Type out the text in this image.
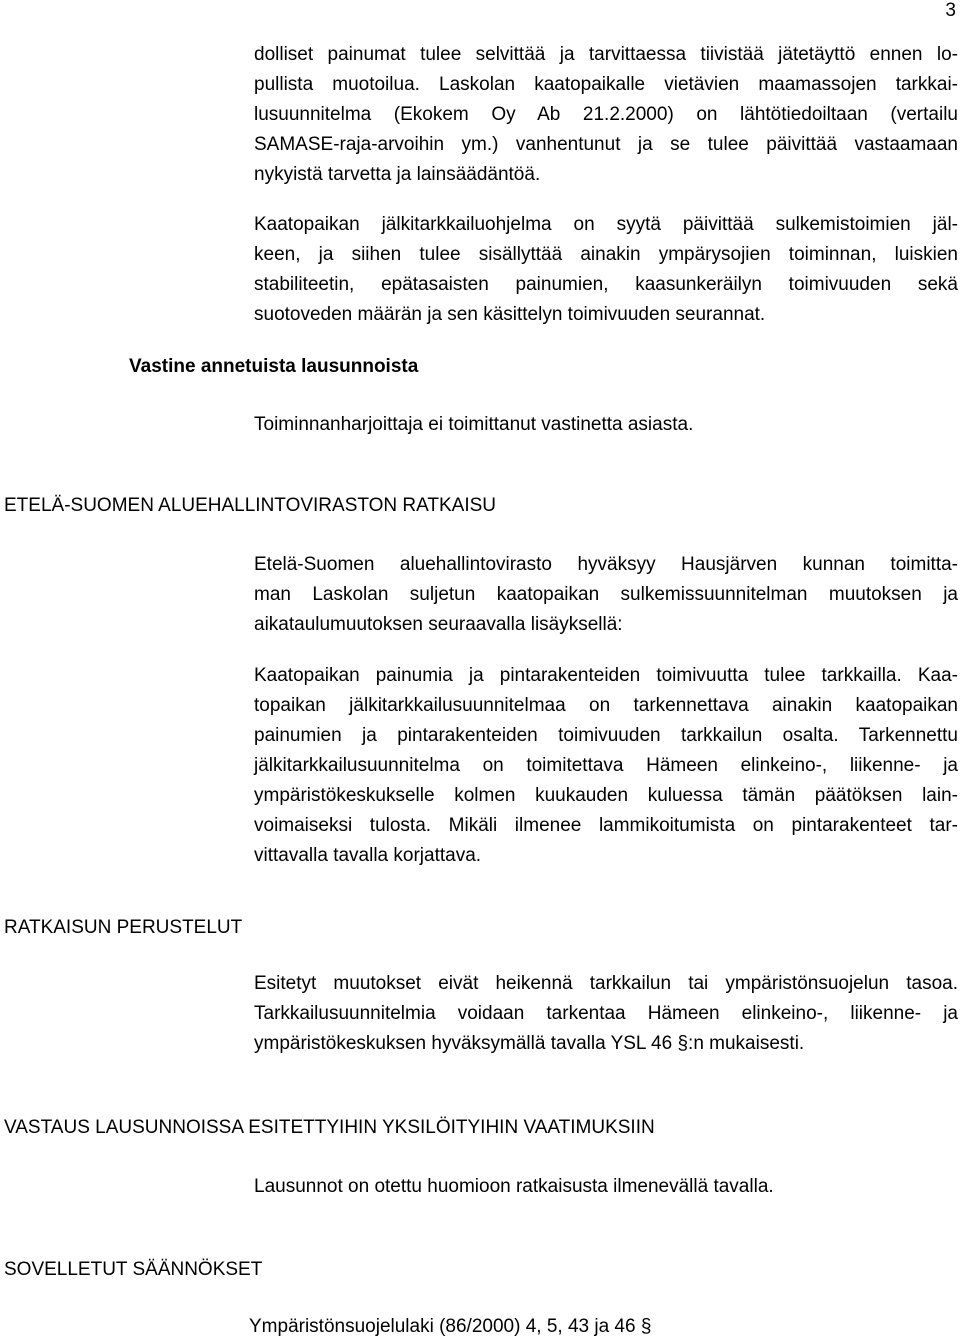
3

dolliset painumat tulee selvittää ja tarvittaessa tiivistää jätetäyttö ennen lo-
pullista muotoilua. Laskolan kaatopaikalle vietävien maamassojen tarkkai-
lusuunnitelma (Ekokem Oy Ab 21.2.2000) on lähtötiedoiltaan (vertailu
SAMASE-raja-arvoihin ym.) vanhentunut ja se tulee päivittää vastaamaan
nykyistä tarvetta ja lainsäädäntöä.

Kaatopaikan jälkitarkkailuohjelma on syytä päivittää sulkemistoimien jäl-
keen, ja siihen tulee sisällyttää ainakin ympärysojien toiminnan, luiskien
stabiliteetin, epätasaisten painumien, kaasunkeräilyn toimivuuden sekä
suotoveden määrän ja sen käsittelyn toimivuuden seurannat.

Vastine annetuista lausunnoista

Toiminnanharjoittaja ei toimittanut vastinetta asiasta.

ETELÄ-SUOMEN ALUEHALLINTOVIRASTON RATKAISU

Etelä-Suomen aluehallintovirasto hyväksyy Hausjärven kunnan toimitta-
man Laskolan suljetun kaatopaikan sulkemissuunnitelman muutoksen ja
aikataulumuutoksen seuraavalla lisäyksellä:

Kaatopaikan painumia ja pintarakenteiden toimivuutta tulee tarkkailla. Kaa-
topaikan jälkitarkkailusuunnitelmaa on tarkennettava ainakin kaatopaikan
painumien ja pintarakenteiden toimivuuden tarkkailun osalta. Tarkennettu
jälkitarkkailusuunnitelma on toimitettava Hämeen elinkeino-, liikenne- ja
ympäristökeskukselle kolmen kuukauden kuluessa tämän päätöksen lain-
voimaiseksi tulosta. Mikäli ilmenee lammikoitumista on pintarakenteet tar-
vittavalla tavalla korjattava.

RATKAISUN PERUSTELUT

Esitetyt muutokset eivät heikennä tarkkailun tai ympäristönsuojelun tasoa.
Tarkkailusuunnitelmia voidaan tarkentaa Hämeen elinkeino-, liikenne- ja
ympäristökeskuksen hyväksymällä tavalla YSL 46 §:n mukaisesti.

VASTAUS LAUSUNNOISSA ESITETTYIHIN YKSILÖITYIHIN VAATIMUKSIIN

Lausunnot on otettu huomioon ratkaisusta ilmenevällä tavalla.

SOVELLETUT SÄÄNNÖKSET

Ympäristönsuojelulaki (86/2000) 4, 5, 43 ja 46 §
